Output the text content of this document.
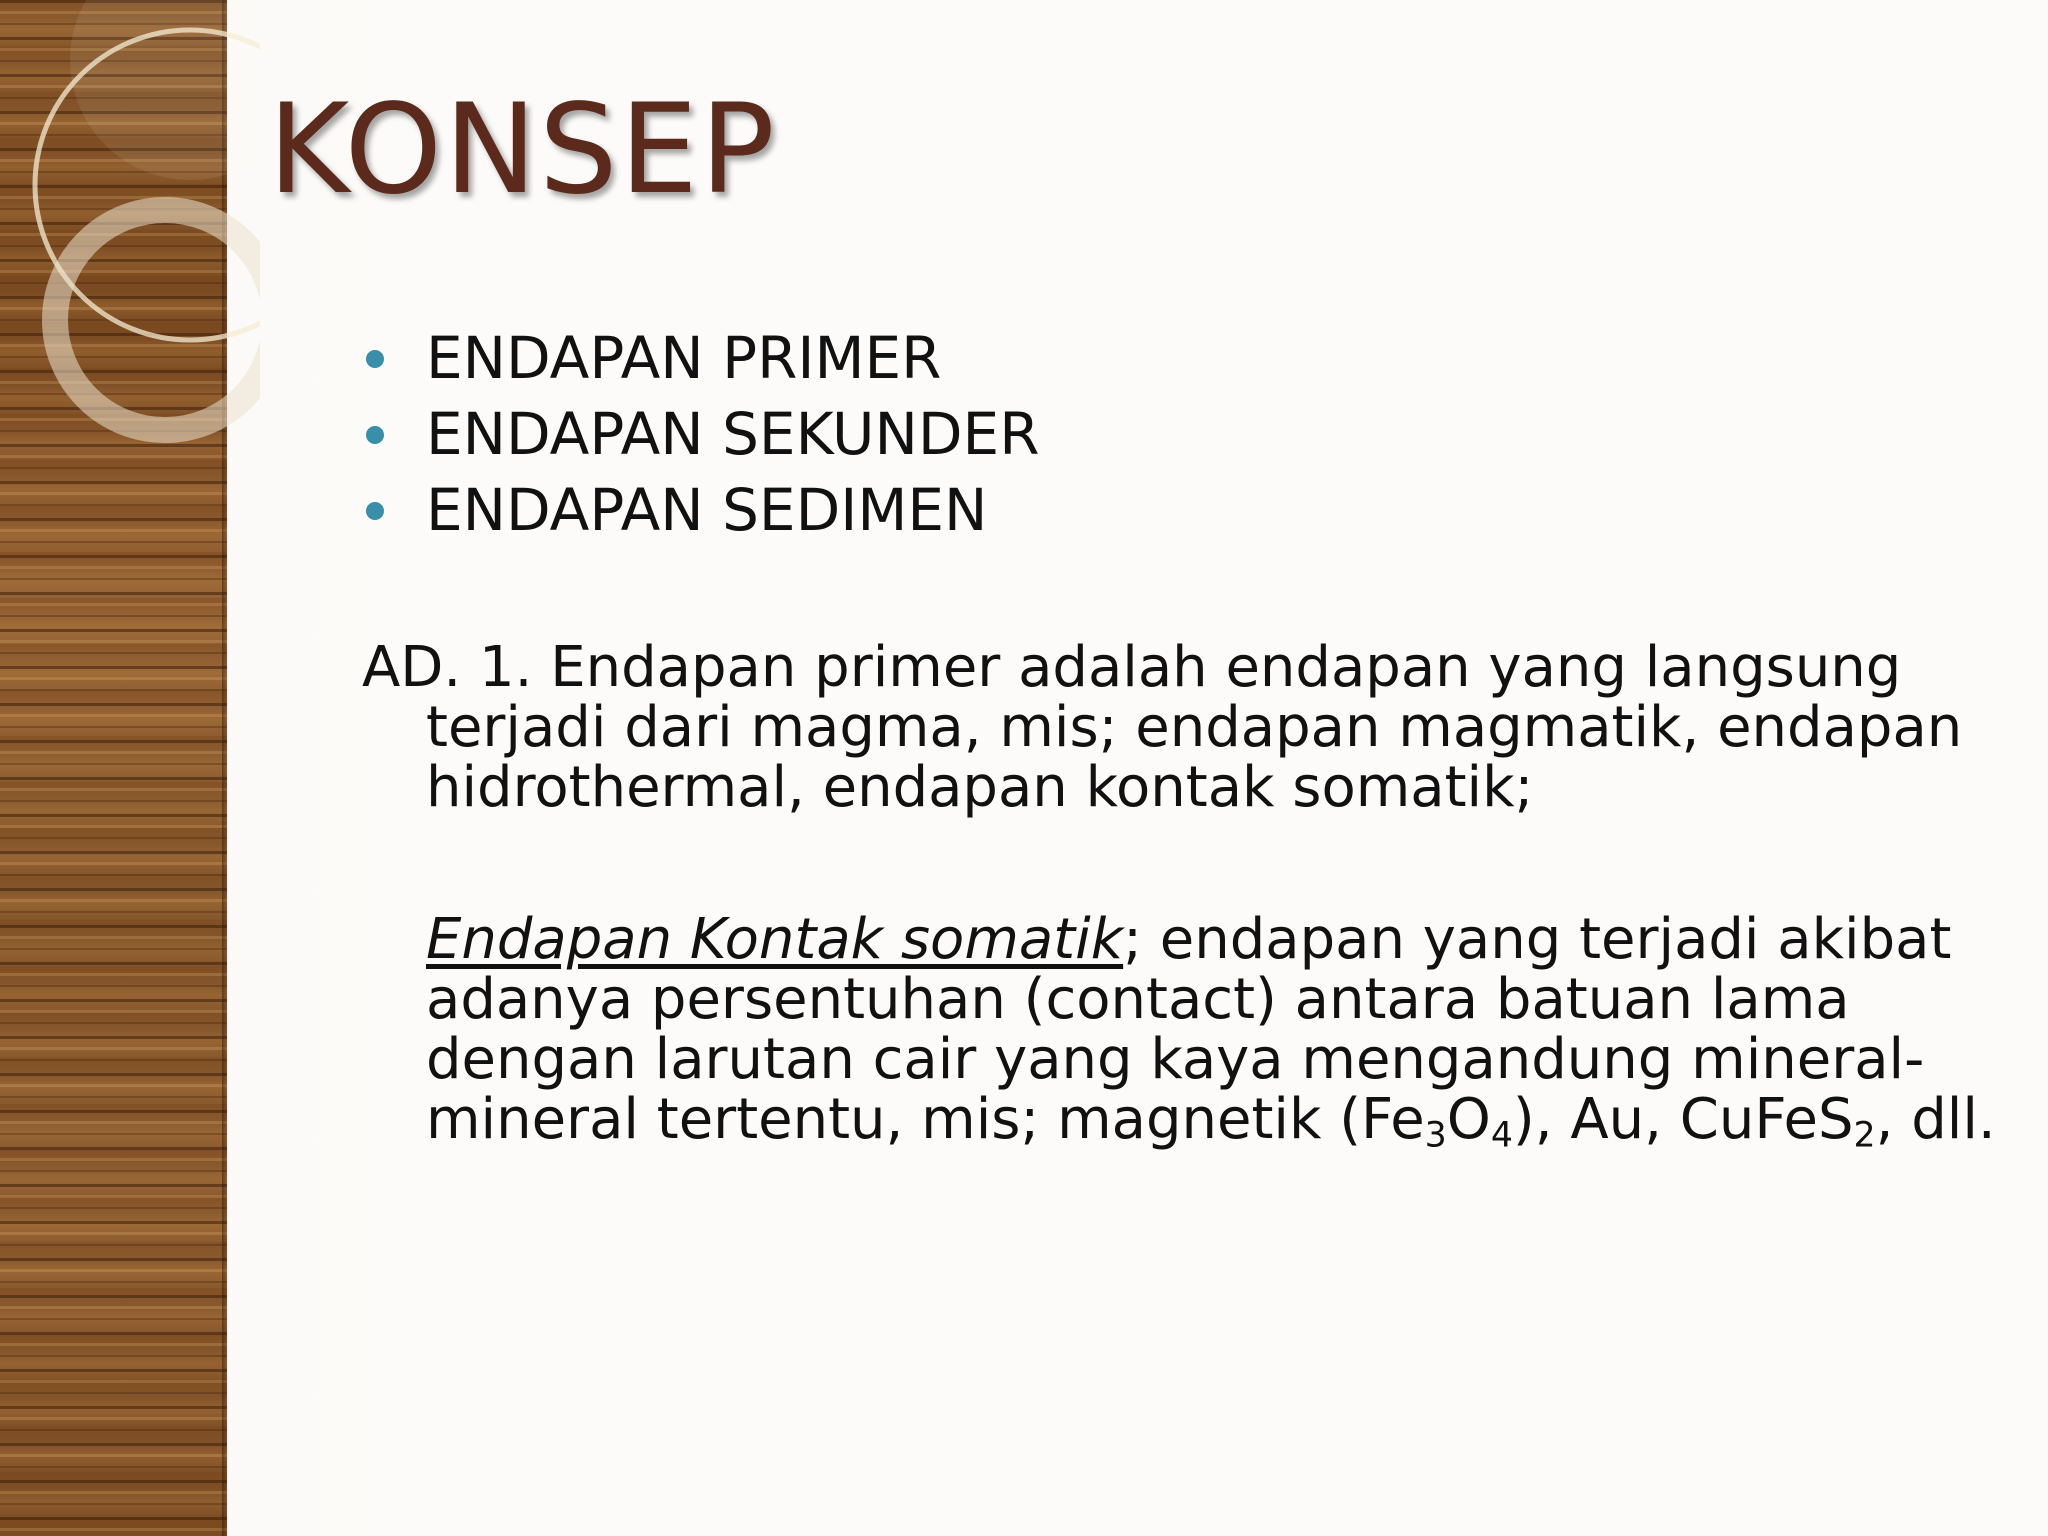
KONSEP
ENDAPAN PRIMER
ENDAPAN SEKUNDER
ENDAPAN SEDIMEN

AD. 1. Endapan primer adalah endapan yang langsung terjadi dari magma, mis; endapan magmatik, endapan hidrothermal, endapan kontak somatik;

Endapan Kontak somatik; endapan yang terjadi akibat adanya persentuhan (contact) antara batuan lama dengan larutan cair yang kaya mengandung mineral-mineral tertentu, mis; magnetik $(Fe_3O_4)$, Au, CuFeS$_2$, dll.
